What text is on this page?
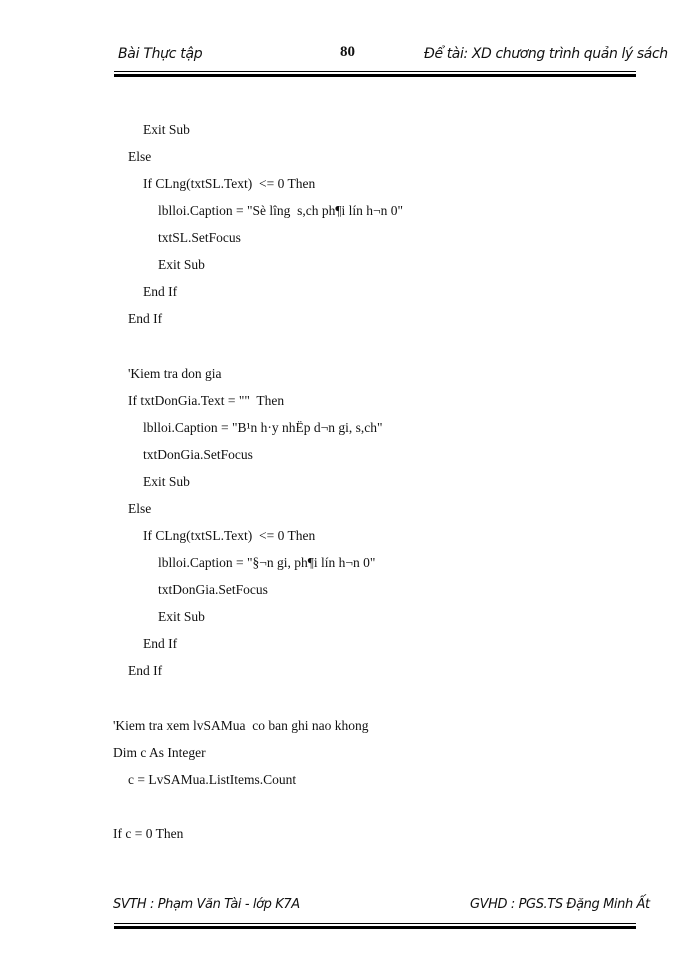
Bài Thực tập	80	Để tài: XD chương trình quản lý sách
Exit Sub
Else
If CLng(txtSL.Text)  <= 0 Then
lblloi.Caption = "Sè lîng  s,ch ph¶i lín h¬n 0"
txtSL.SetFocus
Exit Sub
End If
End If
'Kiem tra don gia
If txtDonGia.Text = ""  Then
lblloi.Caption = "B¹n h·y nhËp d¬n gi, s,ch"
txtDonGia.SetFocus
Exit Sub
Else
If CLng(txtSL.Text)  <= 0 Then
lblloi.Caption = "§¬n gi, ph¶i lín h¬n 0"
txtDonGia.SetFocus
Exit Sub
End If
End If
'Kiem tra xem lvSAMua  co ban ghi nao khong
Dim c As Integer
c = LvSAMua.ListItems.Count
If c = 0 Then
SVTH : Phạm Văn Tài - lớp K7A	GVHD : PGS.TS Đặng Minh Ất
